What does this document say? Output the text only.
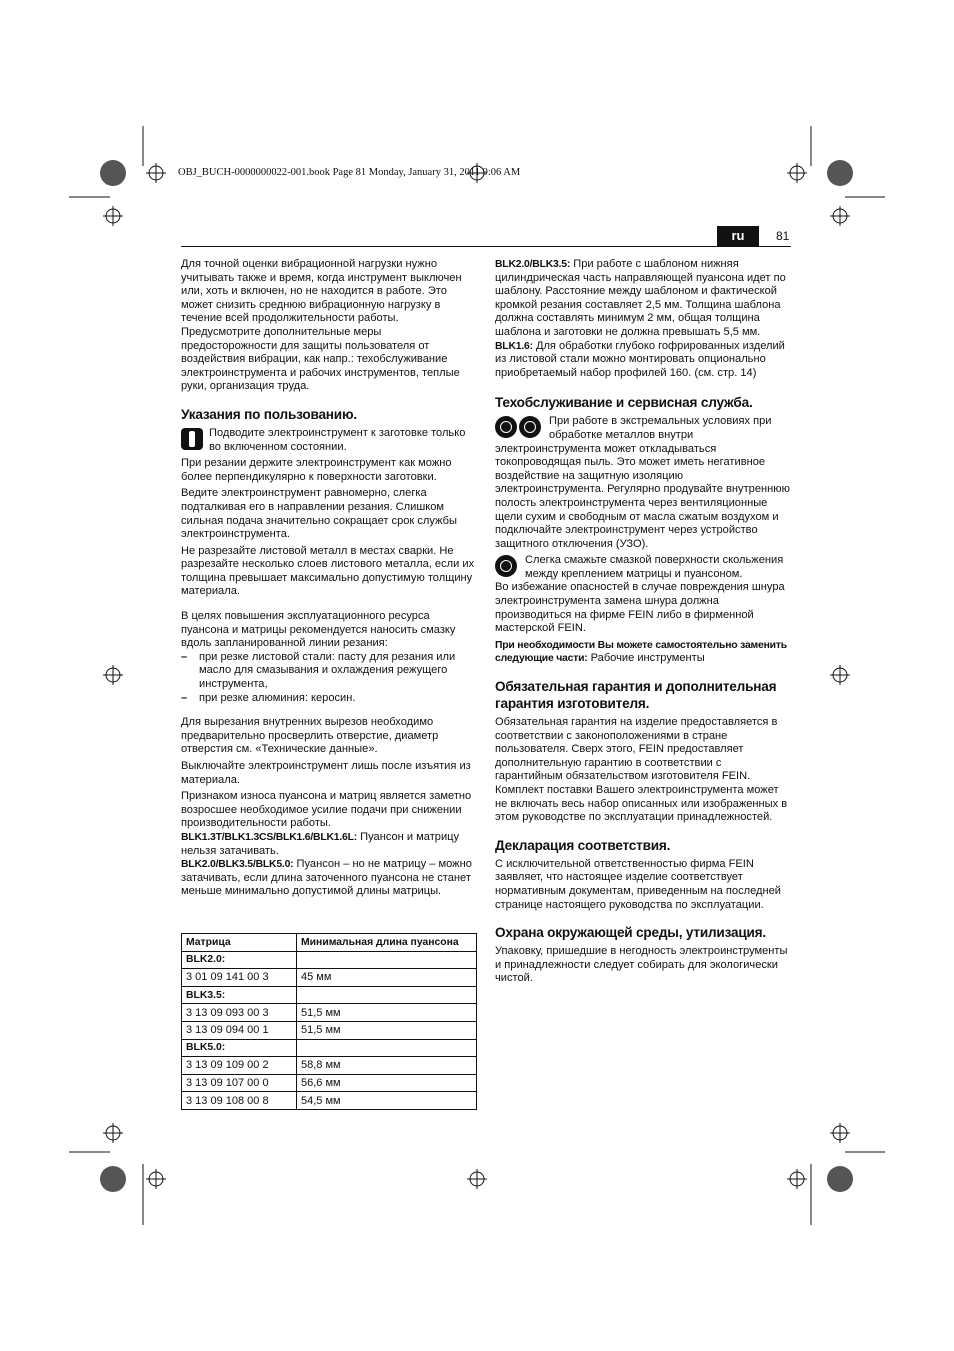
OBJ_BUCH-0000000022-001.book Page 81 Monday, January 31, 2011 9:06 AM
ru	81

Для точной оценки вибрационной нагрузки нужно учитывать также и время, когда инструмент выключен или, хоть и включен, но не находится в работе. Это может снизить среднюю вибрационную нагрузку в течение всей продолжительности работы.

Предусмотрите дополнительные меры предосторожности для защиты пользователя от воздействия вибрации, как напр.: техобслуживание электроинструмента и рабочих инструментов, теплые руки, организация труда.

Указания по пользованию.

Подводите электроинструмент к заготовке только во включенном состоянии.

При резании держите электроинструмент как можно более перпендикулярно к поверхности заготовки.

Ведите электроинструмент равномерно, слегка подталкивая его в направлении резания. Слишком сильная подача значительно сокращает срок службы электроинструмента.

Не разрезайте листовой металл в местах сварки. Не разрезайте несколько слоев листового металла, если их толщина превышает максимально допустимую толщину материала.

В целях повышения эксплуатационного ресурса пуансона и матрицы рекомендуется наносить смазку вдоль запланированной линии резания:

–	при резке листовой стали: пасту для резания или масло для смазывания и охлаждения режущего инструмента,
–	при резке алюминия: керосин.

Для вырезания внутренних вырезов необходимо предварительно просверлить отверстие, диаметр отверстия см. «Технические данные».

Выключайте электроинструмент лишь после изъятия из материала.

Признаком износа пуансона и матриц является заметно возросшее необходимое усилие подачи при снижении производительности работы.

BLK1.3T/BLK1.3CS/BLK1.6/BLK1.6L: Пуансон и матрицу нельзя затачивать.

BLK2.0/BLK3.5/BLK5.0: Пуансон – но не матрицу – можно затачивать, если длина заточенного пуансона не станет меньше минимально допустимой длины матрицы.

Матрица	Минимальная длина пуансона
BLK2.0:	
3 01 09 141 00 3	45 мм
BLK3.5:	
3 13 09 093 00 3	51,5 мм
3 13 09 094 00 1	51,5 мм
BLK5.0:	
3 13 09 109 00 2	58,8 мм
3 13 09 107 00 0	56,6 мм
3 13 09 108 00 8	54,5 мм

BLK2.0/BLK3.5: При работе с шаблоном нижняя цилиндрическая часть направляющей пуансона идет по шаблону. Расстояние между шаблоном и фактической кромкой резания составляет 2,5 мм. Толщина шаблона должна составлять минимум 2 мм, общая толщина шаблона и заготовки не должна превышать 5,5 мм.

BLK1.6: Для обработки глубоко гофрированных изделий из листовой стали можно монтировать опционально приобретаемый набор профилей 160. (см. стр. 14)

Техобслуживание и сервисная служба.

При работе в экстремальных условиях при обработке металлов внутри электроинструмента может откладываться токопроводящая пыль. Это может иметь негативное воздействие на защитную изоляцию электроинструмента. Регулярно продувайте внутреннюю полость электроинструмента через вентиляционные щели сухим и свободным от масла сжатым воздухом и подключайте электроинструмент через устройство защитного отключения (УЗО).

Слегка смажьте смазкой поверхности скольжения между креплением матрицы и пуансоном.

Во избежание опасностей в случае повреждения шнура электроинструмента замена шнура должна производиться на фирме FEIN либо в фирменной мастерской FEIN.

При необходимости Вы можете самостоятельно заменить следующие части: Рабочие инструменты

Обязательная гарантия и дополнительная гарантия изготовителя.

Обязательная гарантия на изделие предоставляется в соответствии с законоположениями в стране пользователя. Сверх этого, FEIN предоставляет дополнительную гарантию в соответствии с гарантийным обязательством изготовителя FEIN.

Комплект поставки Вашего электроинструмента может не включать весь набор описанных или изображенных в этом руководстве по эксплуатации принадлежностей.

Декларация соответствия.

С исключительной ответственностью фирма FEIN заявляет, что настоящее изделие соответствует нормативным документам, приведенным на последней странице настоящего руководства по эксплуатации.

Охрана окружающей среды, утилизация.

Упаковку, пришедшие в негодность электроинструменты и принадлежности следует собирать для экологически чистой.
